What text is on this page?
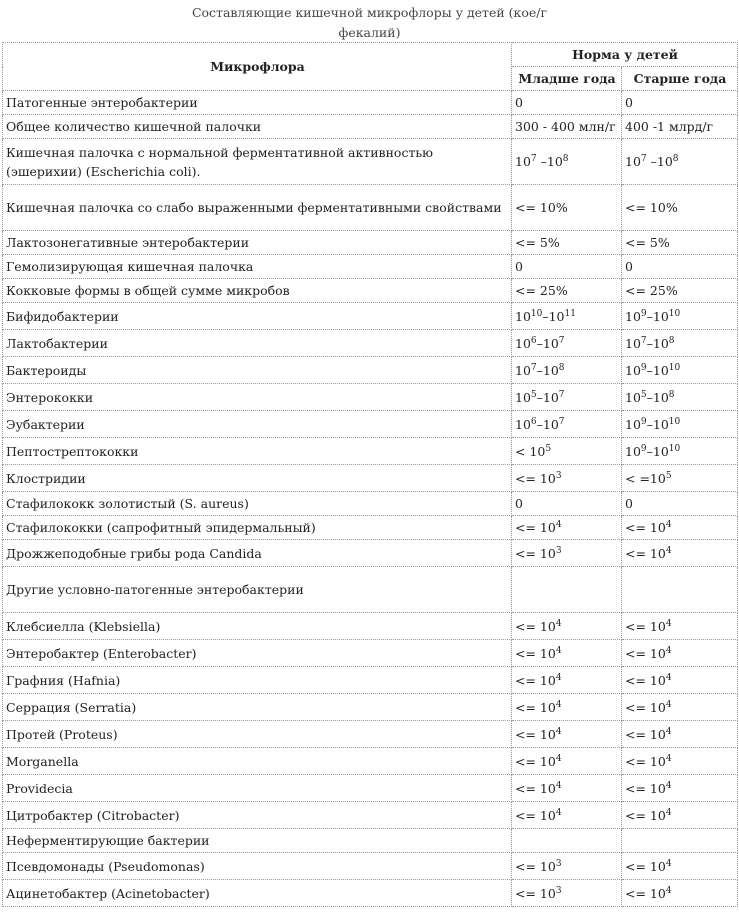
Составляющие кишечной микрофлоры у детей (кое/г
фекалий)
Микрофлора	Норма у детей	
	Младше года	Старше года
Патогенные энтеробактерии	0	0
Общее количество кишечной палочки	300 - 400 млн/г	400 -1 млрд/г
Кишечная палочка с нормальной ферментативной активностью (эшерихии) (Escherichia coli).	$10^7$ $-10^8$	$10^7$ $-10^8$
Кишечная палочка со слабо выраженными ферментативными свойствами	<= 10%	<= 10%
Лактозонегативные энтеробактерии	<= 5%	<= 5%
Гемолизирующая кишечная палочка	0	0
Кокковые формы в общей сумме микробов	<= 25%	<= 25%
Бифидобактерии	$10^{10}-10^{11}$	$10^9-10^{10}$
Лактобактерии	$10^6-10^7$	$10^7-10^8$
Бактероиды	$10^7-10^8$	$10^9-10^{10}$
Энтерококки	$10^5-10^7$	$10^5-10^8$
Эубактерии	$10^6-10^7$	$10^9-10^{10}$
Пептострептококки	< $10^5$	$10^9-10^{10}$
Клостридии	<= $10^3$	< $=10^5$
Стафилококк золотистый (S. aureus)	0	0
Стафилококки (сапрофитный эпидермальный)	<= $10^4$	<= $10^4$
Дрожжеподобные грибы рода Candida	<= $10^3$	<= $10^4$
Другие условно-патогенные энтеробактерии		
Клебсиелла (Klebsiella)	<= $10^4$	<= $10^4$
Энтеробактер (Enterobacter)	<= $10^4$	<= $10^4$
Графния (Hafnia)	<= $10^4$	<= $10^4$
Серрация (Serratia)	<= $10^4$	<= $10^4$
Протей (Proteus)	<= $10^4$	<= $10^4$
Morganella	<= $10^4$	<= $10^4$
Providecia	<= $10^4$	<= $10^4$
Цитробактер (Citrobacter)	<= $10^4$	<= $10^4$
Неферментирующие бактерии		
Псевдомонады (Pseudomonas)	<= $10^3$	<= $10^4$
Ацинетобактер (Acinetobacter)	<= $10^3$	<= $10^4$
